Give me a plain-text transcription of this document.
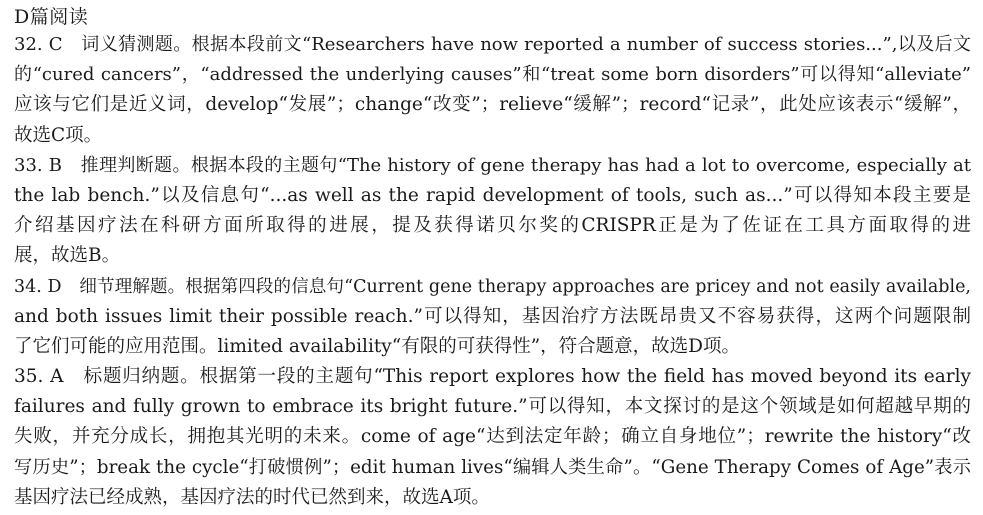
D篇阅读
32. C　词义猜测题。根据本段前文“Researchers have now reported a number of success stories...”,以及后文
的“cured cancers”，“addressed the underlying causes”和“treat some born disorders”可以得知“alleviate”
应该与它们是近义词，develop“发展”；change“改变”；relieve“缓解”；record“记录”，此处应该表示“缓解”，
故选C项。
33. B　推理判断题。根据本段的主题句“The history of gene therapy has had a lot to overcome, especially at
the lab bench.”以及信息句“...as well as the rapid development of tools, such as...”可以得知本段主要是
介绍基因疗法在科研方面所取得的进展，提及获得诺贝尔奖的CRISPR正是为了佐证在工具方面取得的进
展，故选B。
34. D　细节理解题。根据第四段的信息句“Current gene therapy approaches are pricey and not easily available,
and both issues limit their possible reach.”可以得知，基因治疗方法既昂贵又不容易获得，这两个问题限制
了它们可能的应用范围。limited availability“有限的可获得性”，符合题意，故选D项。
35. A　标题归纳题。根据第一段的主题句“This report explores how the field has moved beyond its early
failures and fully grown to embrace its bright future.”可以得知，本文探讨的是这个领域是如何超越早期的
失败，并充分成长，拥抱其光明的未来。come of age“达到法定年龄；确立自身地位”；rewrite the history“改
写历史”；break the cycle“打破惯例”；edit human lives“编辑人类生命”。“Gene Therapy Comes of Age”表示
基因疗法已经成熟，基因疗法的时代已然到来，故选A项。
